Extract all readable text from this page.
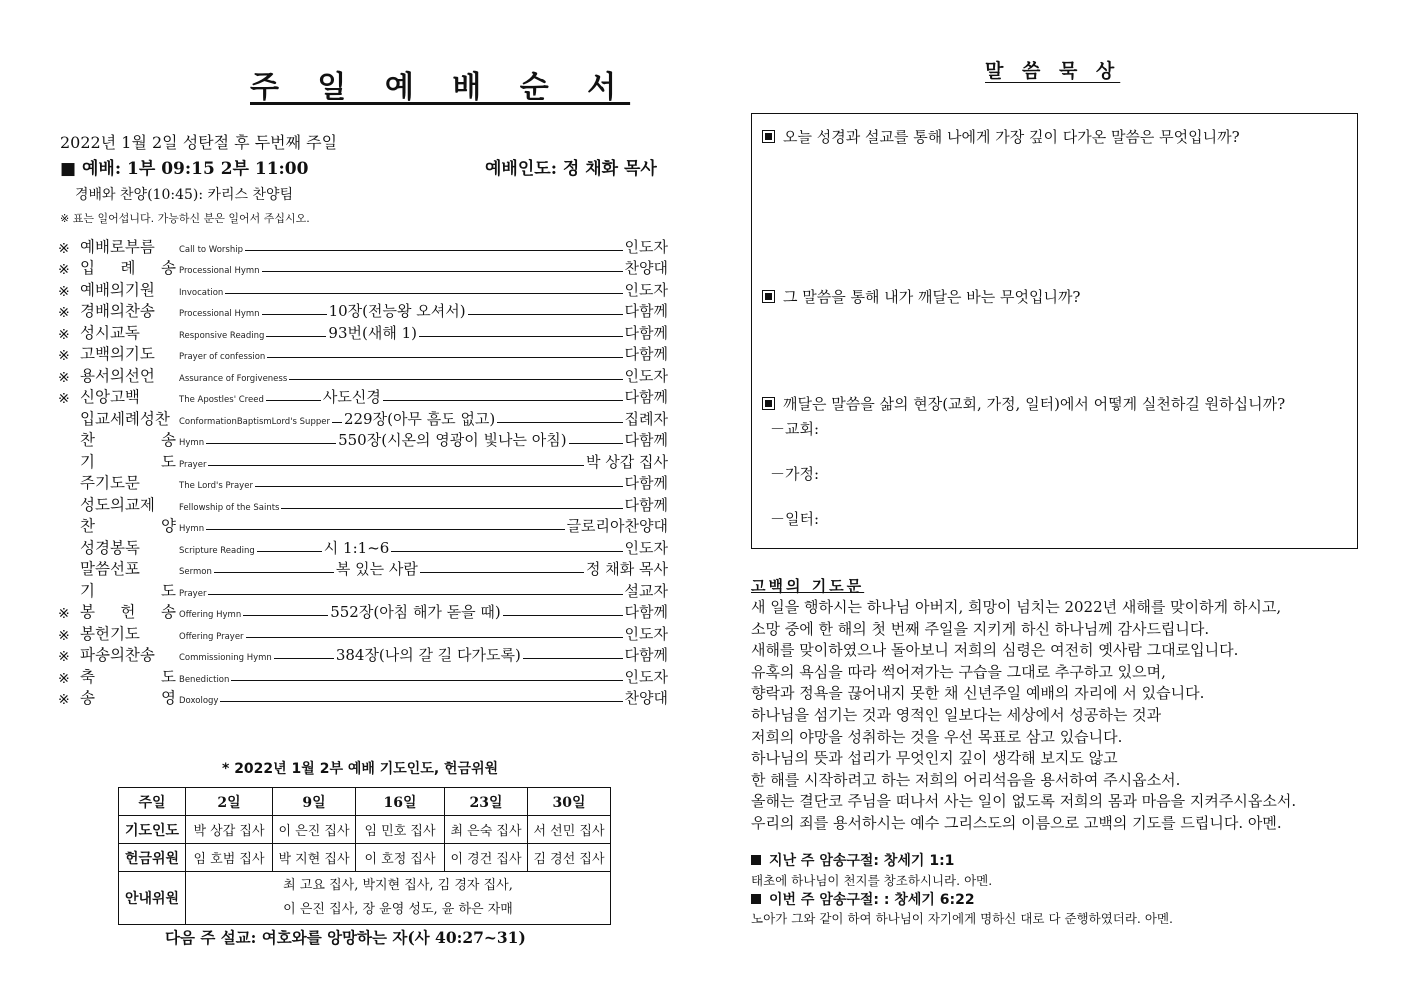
주 일 예 배 순 서
2022년 1월 2일 성탄절 후 두번째 주일
■ 예배: 1부 09:15 2부 11:00	예배인도: 정 채화 목사
경배와 찬양(10:45): 카리스 찬양팀
※ 표는 일어섭니다. 가능하신 분은 일어서 주십시오.
※ 예배로부름	Call to Worship	인도자
※ 입 례 송 Processional Hymn	찬양대
※ 예배의기원	Invocation	인도자
※ 경배의찬송	Processional Hymn	10장(전능왕 오셔서)	다함께
※ 성시교독	Responsive Reading	93번(새해 1)	다함께
※ 고백의기도	Prayer of confession	다함께
※ 용서의선언	Assurance of Forgiveness	인도자
※ 신앙고백	The Apostles' Creed	사도신경	다함께
입교세례성찬	ConformationBaptismLord's Supper 229장(아무 흠도 없고)	집례자
찬 송 Hymn	550장(시온의 영광이 빛나는 아침)	다함께
기 도 Prayer	박 상갑 집사
주기도문	The Lord's Prayer	다함께
성도의교제	Fellowship of the Saints	다함께
찬 양 Hymn	글로리아찬양대
성경봉독	Scripture Reading	시 1:1~6	인도자
말씀선포	Sermon	복 있는 사람	정 채화 목사
기 도 Prayer	설교자
※ 봉 헌 송 Offering Hymn	552장(아침 해가 돋을 때)	다함께
※ 봉헌기도	Offering Prayer	인도자
※ 파송의찬송	Commissioning Hymn	384장(나의 갈 길 다가도록)	다함께
※ 축 도 Benediction	인도자
※ 송 영 Doxology	찬양대
* 2022년 1월 2부 예배 기도인도, 헌금위원
주일	2일	9일	16일	23일	30일
기도인도	박 상갑 집사	이 은진 집사	임 민호 집사	최 은숙 집사	서 선민 집사
헌금위원	임 호범 집사	박 지현 집사	이 호정 집사	이 경건 집사	김 경선 집사
안내위원	최 고요 집사, 박지현 집사, 김 경자 집사,
이 은진 집사, 장 윤영 성도, 윤 하은 자매				
다음 주 설교: 여호와를 앙망하는 자(사 40:27~31)
말 씀 묵 상
오늘 성경과 설교를 통해 나에게 가장 깊이 다가온 말씀은 무엇입니까?
그 말씀을 통해 내가 깨달은 바는 무엇입니까?
깨달은 말씀을 삶의 현장(교회, 가정, 일터)에서 어떻게 실천하길 원하십니까?
－교회:
－가정:
－일터:
고백의 기도문
새 일을 행하시는 하나님 아버지, 희망이 넘치는 2022년 새해를 맞이하게 하시고,
소망 중에 한 해의 첫 번째 주일을 지키게 하신 하나님께 감사드립니다.
새해를 맞이하였으나 돌아보니 저희의 심령은 여전히 옛사람 그대로입니다.
유혹의 욕심을 따라 썩어져가는 구습을 그대로 추구하고 있으며,
향락과 정욕을 끊어내지 못한 채 신년주일 예배의 자리에 서 있습니다.
하나님을 섬기는 것과 영적인 일보다는 세상에서 성공하는 것과
저희의 야망을 성취하는 것을 우선 목표로 삼고 있습니다.
하나님의 뜻과 섭리가 무엇인지 깊이 생각해 보지도 않고
한 해를 시작하려고 하는 저희의 어리석음을 용서하여 주시옵소서.
올해는 결단코 주님을 떠나서 사는 일이 없도록 저희의 몸과 마음을 지켜주시옵소서.
우리의 죄를 용서하시는 예수 그리스도의 이름으로 고백의 기도를 드립니다. 아멘.
지난 주 암송구절: 창세기 1:1
태초에 하나님이 천지를 창조하시니라. 아멘.
이번 주 암송구절: : 창세기 6:22
노아가 그와 같이 하여 하나님이 자기에게 명하신 대로 다 준행하였더라. 아멘.
